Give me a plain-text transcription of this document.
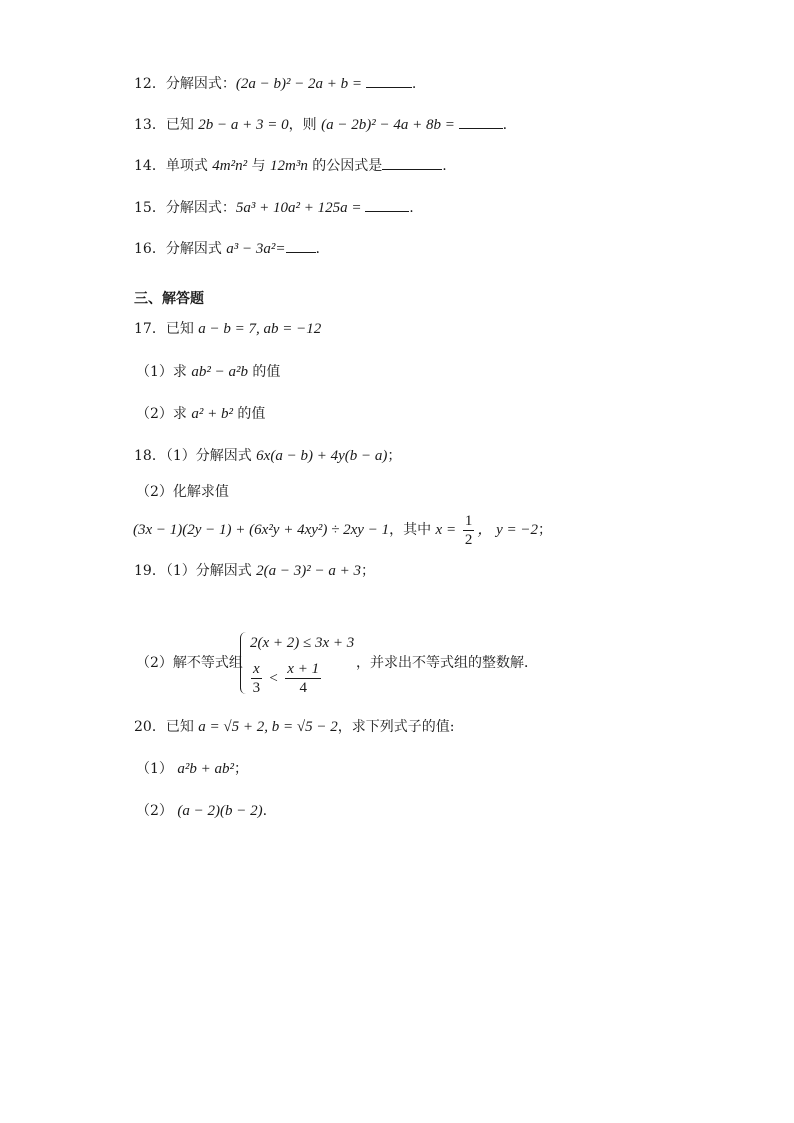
12．分解因式：(2a − b)² − 2a + b =	.
13．已知 2b − a + 3 = 0，则 (a − 2b)² − 4a + 8b =	.
14．单项式 4m²n² 与 12m³n 的公因式是	.
15．分解因式：5a³ + 10a² + 125a =	.
16．分解因式 a³ − 3a²= .
三、解答题
17．已知 a − b = 7, ab = −12
（1）求 ab² − a²b 的值
（2）求 a² + b² 的值
18．（1）分解因式 6x(a − b) + 4y(b − a)；
（2）化解求值
(3x − 1)(2y − 1) + (6x²y + 4xy²) ÷ 2xy − 1，其中 $x = \frac{1}{2}$ ， y = −2；
19．（1）分解因式 2(a − 3)² − a + 3；
（2）解不等式组
2(x + 2) ≤ 3x + 3
$\frac{x}{3} < \frac{x + 1}{4}$ ，并求出不等式组的整数解．
20．已知 a = √5 + 2, b = √5 − 2，求下列式子的值:
（1） a²b + ab²；
（2） (a − 2)(b − 2).
